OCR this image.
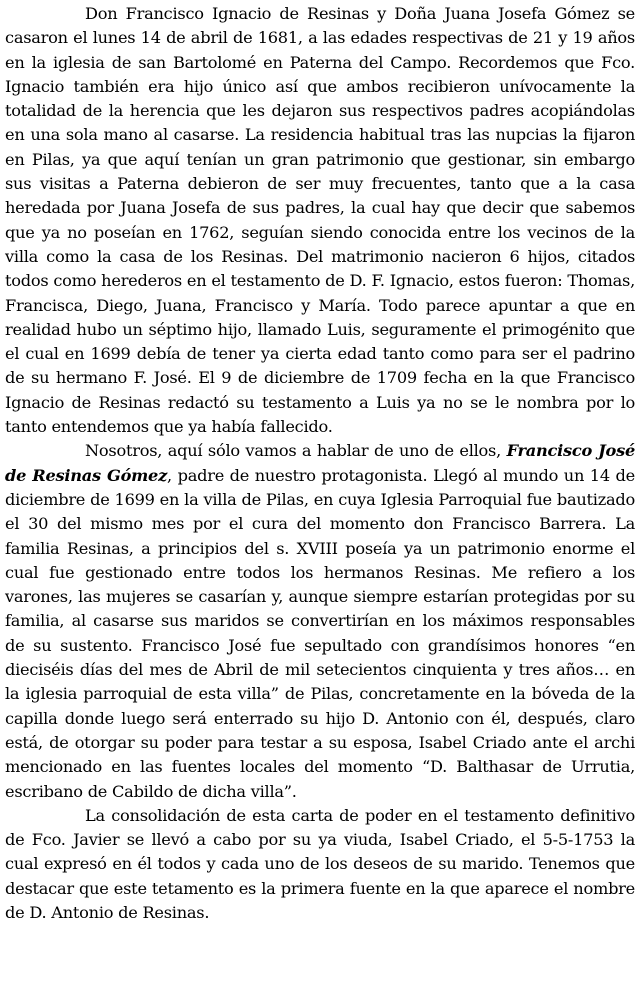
Don Francisco Ignacio de Resinas y Doña Juana Josefa Gómez se casaron el lunes 14 de abril de 1681, a las edades respectivas de 21 y 19 años en la iglesia de san Bartolomé en Paterna del Campo. Recordemos que Fco. Ignacio también era hijo único así que ambos recibieron unívocamente la totalidad de la herencia que les dejaron sus respectivos padres acopiándolas en una sola mano al casarse. La residencia habitual tras las nupcias la fijaron en Pilas, ya que aquí tenían un gran patrimonio que gestionar, sin embargo sus visitas a Paterna debieron de ser muy frecuentes, tanto que a la casa heredada por Juana Josefa de sus padres, la cual hay que decir que sabemos que ya no poseían en 1762, seguían siendo conocida entre los vecinos de la villa como la casa de los Resinas. Del matrimonio nacieron 6 hijos, citados todos como herederos en el testamento de D. F. Ignacio, estos fueron: Thomas, Francisca, Diego, Juana, Francisco y María. Todo parece apuntar a que en realidad hubo un séptimo hijo, llamado Luis, seguramente el primogénito que el cual en 1699 debía de tener ya cierta edad tanto como para ser el padrino de su hermano F. José. El 9 de diciembre de 1709 fecha en la que Francisco Ignacio de Resinas redactó su testamento a Luis ya no se le nombra por lo tanto entendemos que ya había fallecido.

Nosotros, aquí sólo vamos a hablar de uno de ellos, Francisco José de Resinas Gómez, padre de nuestro protagonista. Llegó al mundo un 14 de diciembre de 1699 en la villa de Pilas, en cuya Iglesia Parroquial fue bautizado el 30 del mismo mes por el cura del momento don Francisco Barrera. La familia Resinas, a principios del s. XVIII poseía ya un patrimonio enorme el cual fue gestionado entre todos los hermanos Resinas. Me refiero a los varones, las mujeres se casarían y, aunque siempre estarían protegidas por su familia, al casarse sus maridos se convertirían en los máximos responsables de su sustento. Francisco José fue sepultado con grandísimos honores “en dieciséis días del mes de Abril de mil setecientos cinquienta y tres años… en la iglesia parroquial de esta villa” de Pilas, concretamente en la bóveda de la capilla donde luego será enterrado su hijo D. Antonio con él, después, claro está, de otorgar su poder para testar a su esposa, Isabel Criado ante el archi mencionado en las fuentes locales del momento “D. Balthasar de Urrutia, escribano de Cabildo de dicha villa”.

La consolidación de esta carta de poder en el testamento definitivo de Fco. Javier se llevó a cabo por su ya viuda, Isabel Criado, el 5-5-1753 la cual expresó en él todos y cada uno de los deseos de su marido. Tenemos que destacar que este tetamento es la primera fuente en la que aparece el nombre de D. Antonio de Resinas.
